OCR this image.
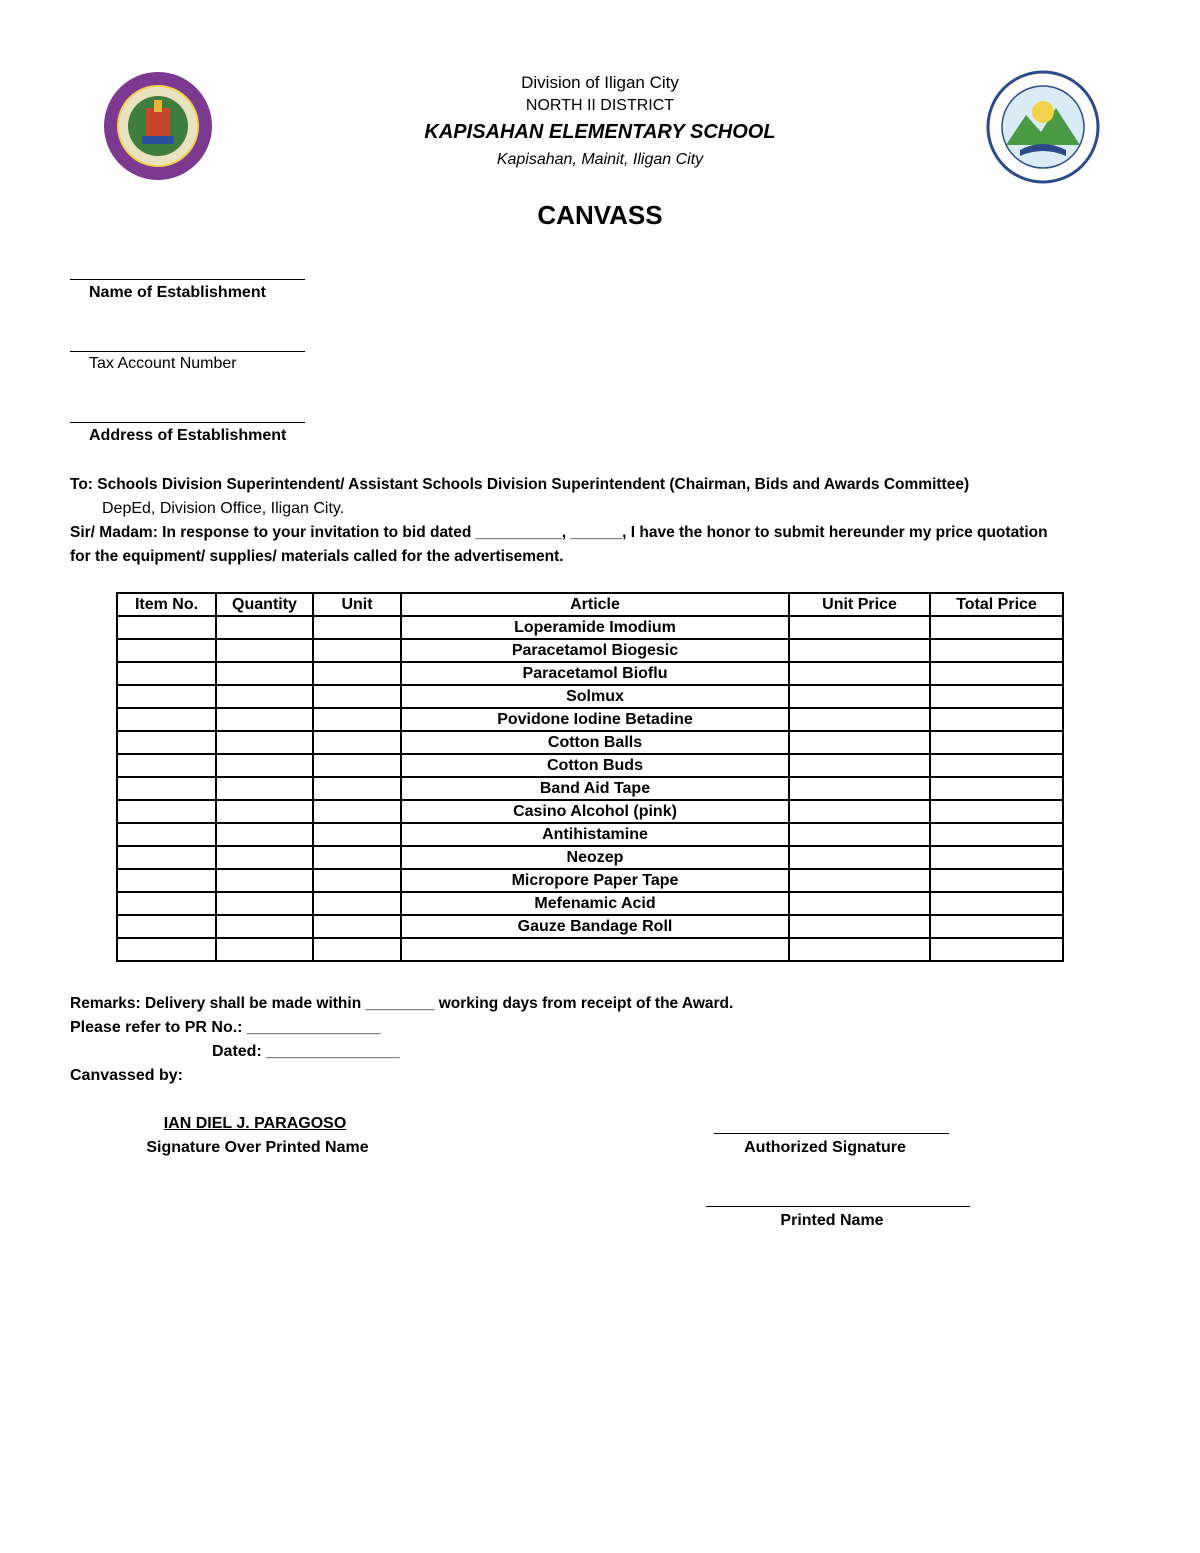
Division of Iligan City
NORTH II DISTRICT
KAPISAHAN ELEMENTARY SCHOOL
Kapisahan, Mainit, Iligan City
CANVASS
Name of Establishment
Tax Account Number
Address of Establishment
To: Schools Division Superintendent/ Assistant Schools Division Superintendent (Chairman, Bids and Awards Committee)
DepEd, Division Office, Iligan City.
Sir/ Madam: In response to your invitation to bid dated __________, ______, I have the honor to submit hereunder my price quotation
for the equipment/ supplies/ materials called for the advertisement.
Item No.	Quantity	Unit	Article	Unit Price	Total Price
			Loperamide Imodium		
			Paracetamol Biogesic		
			Paracetamol Bioflu		
			Solmux		
			Povidone Iodine Betadine		
			Cotton Balls		
			Cotton Buds		
			Band Aid Tape		
			Casino Alcohol (pink)		
			Antihistamine		
			Neozep		
			Micropore Paper Tape		
			Mefenamic Acid		
			Gauze Bandage Roll		

Remarks: Delivery shall be made within ________ working days from receipt of the Award.
Please refer to PR No.: _______________
Dated: _______________
Canvassed by:
IAN DIEL J. PARAGOSO
Signature Over Printed Name	Authorized Signature
Printed Name
